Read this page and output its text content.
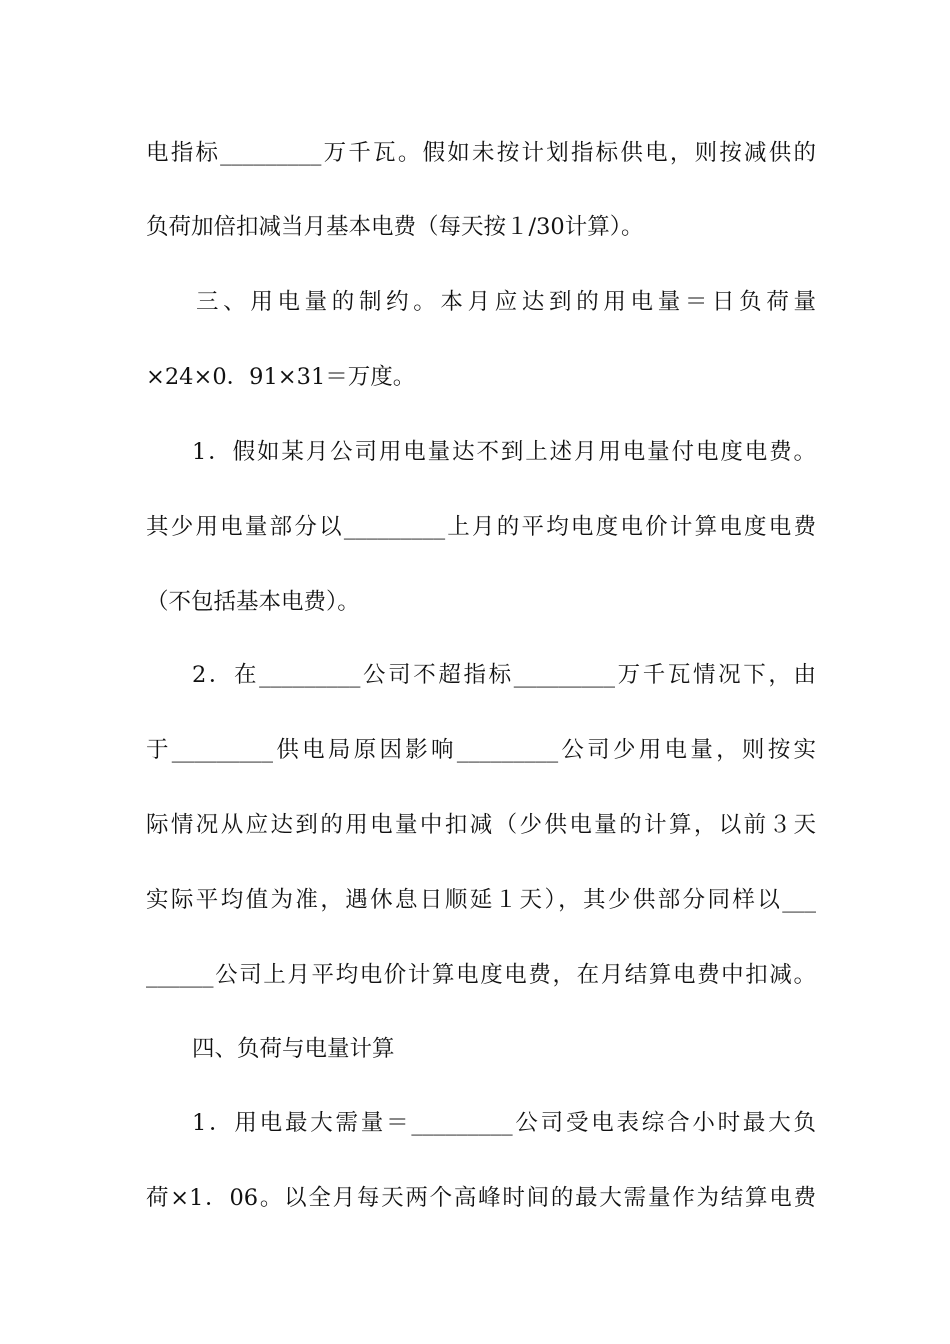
电指标_________万千瓦。假如未按计划指标供电，则按减供的
负荷加倍扣减当月基本电费（每天按１/30计算）。
三、用电量的制约。本月应达到的用电量＝日负荷量
×24×0．91×31＝万度。
1．假如某月公司用电量达不到上述月用电量付电度电费。
其少用电量部分以_________上月的平均电度电价计算电度电费
（不包括基本电费）。
2．在_________公司不超指标_________万千瓦情况下，由
于_________供电局原因影响_________公司少用电量，则按实
际情况从应达到的用电量中扣减（少供电量的计算，以前３天
实际平均值为准，遇休息日顺延１天），其少供部分同样以___
______公司上月平均电价计算电度电费，在月结算电费中扣减。
四、负荷与电量计算
1．用电最大需量＝_________公司受电表综合小时最大负
荷×1．06。以全月每天两个高峰时间的最大需量作为结算电费
